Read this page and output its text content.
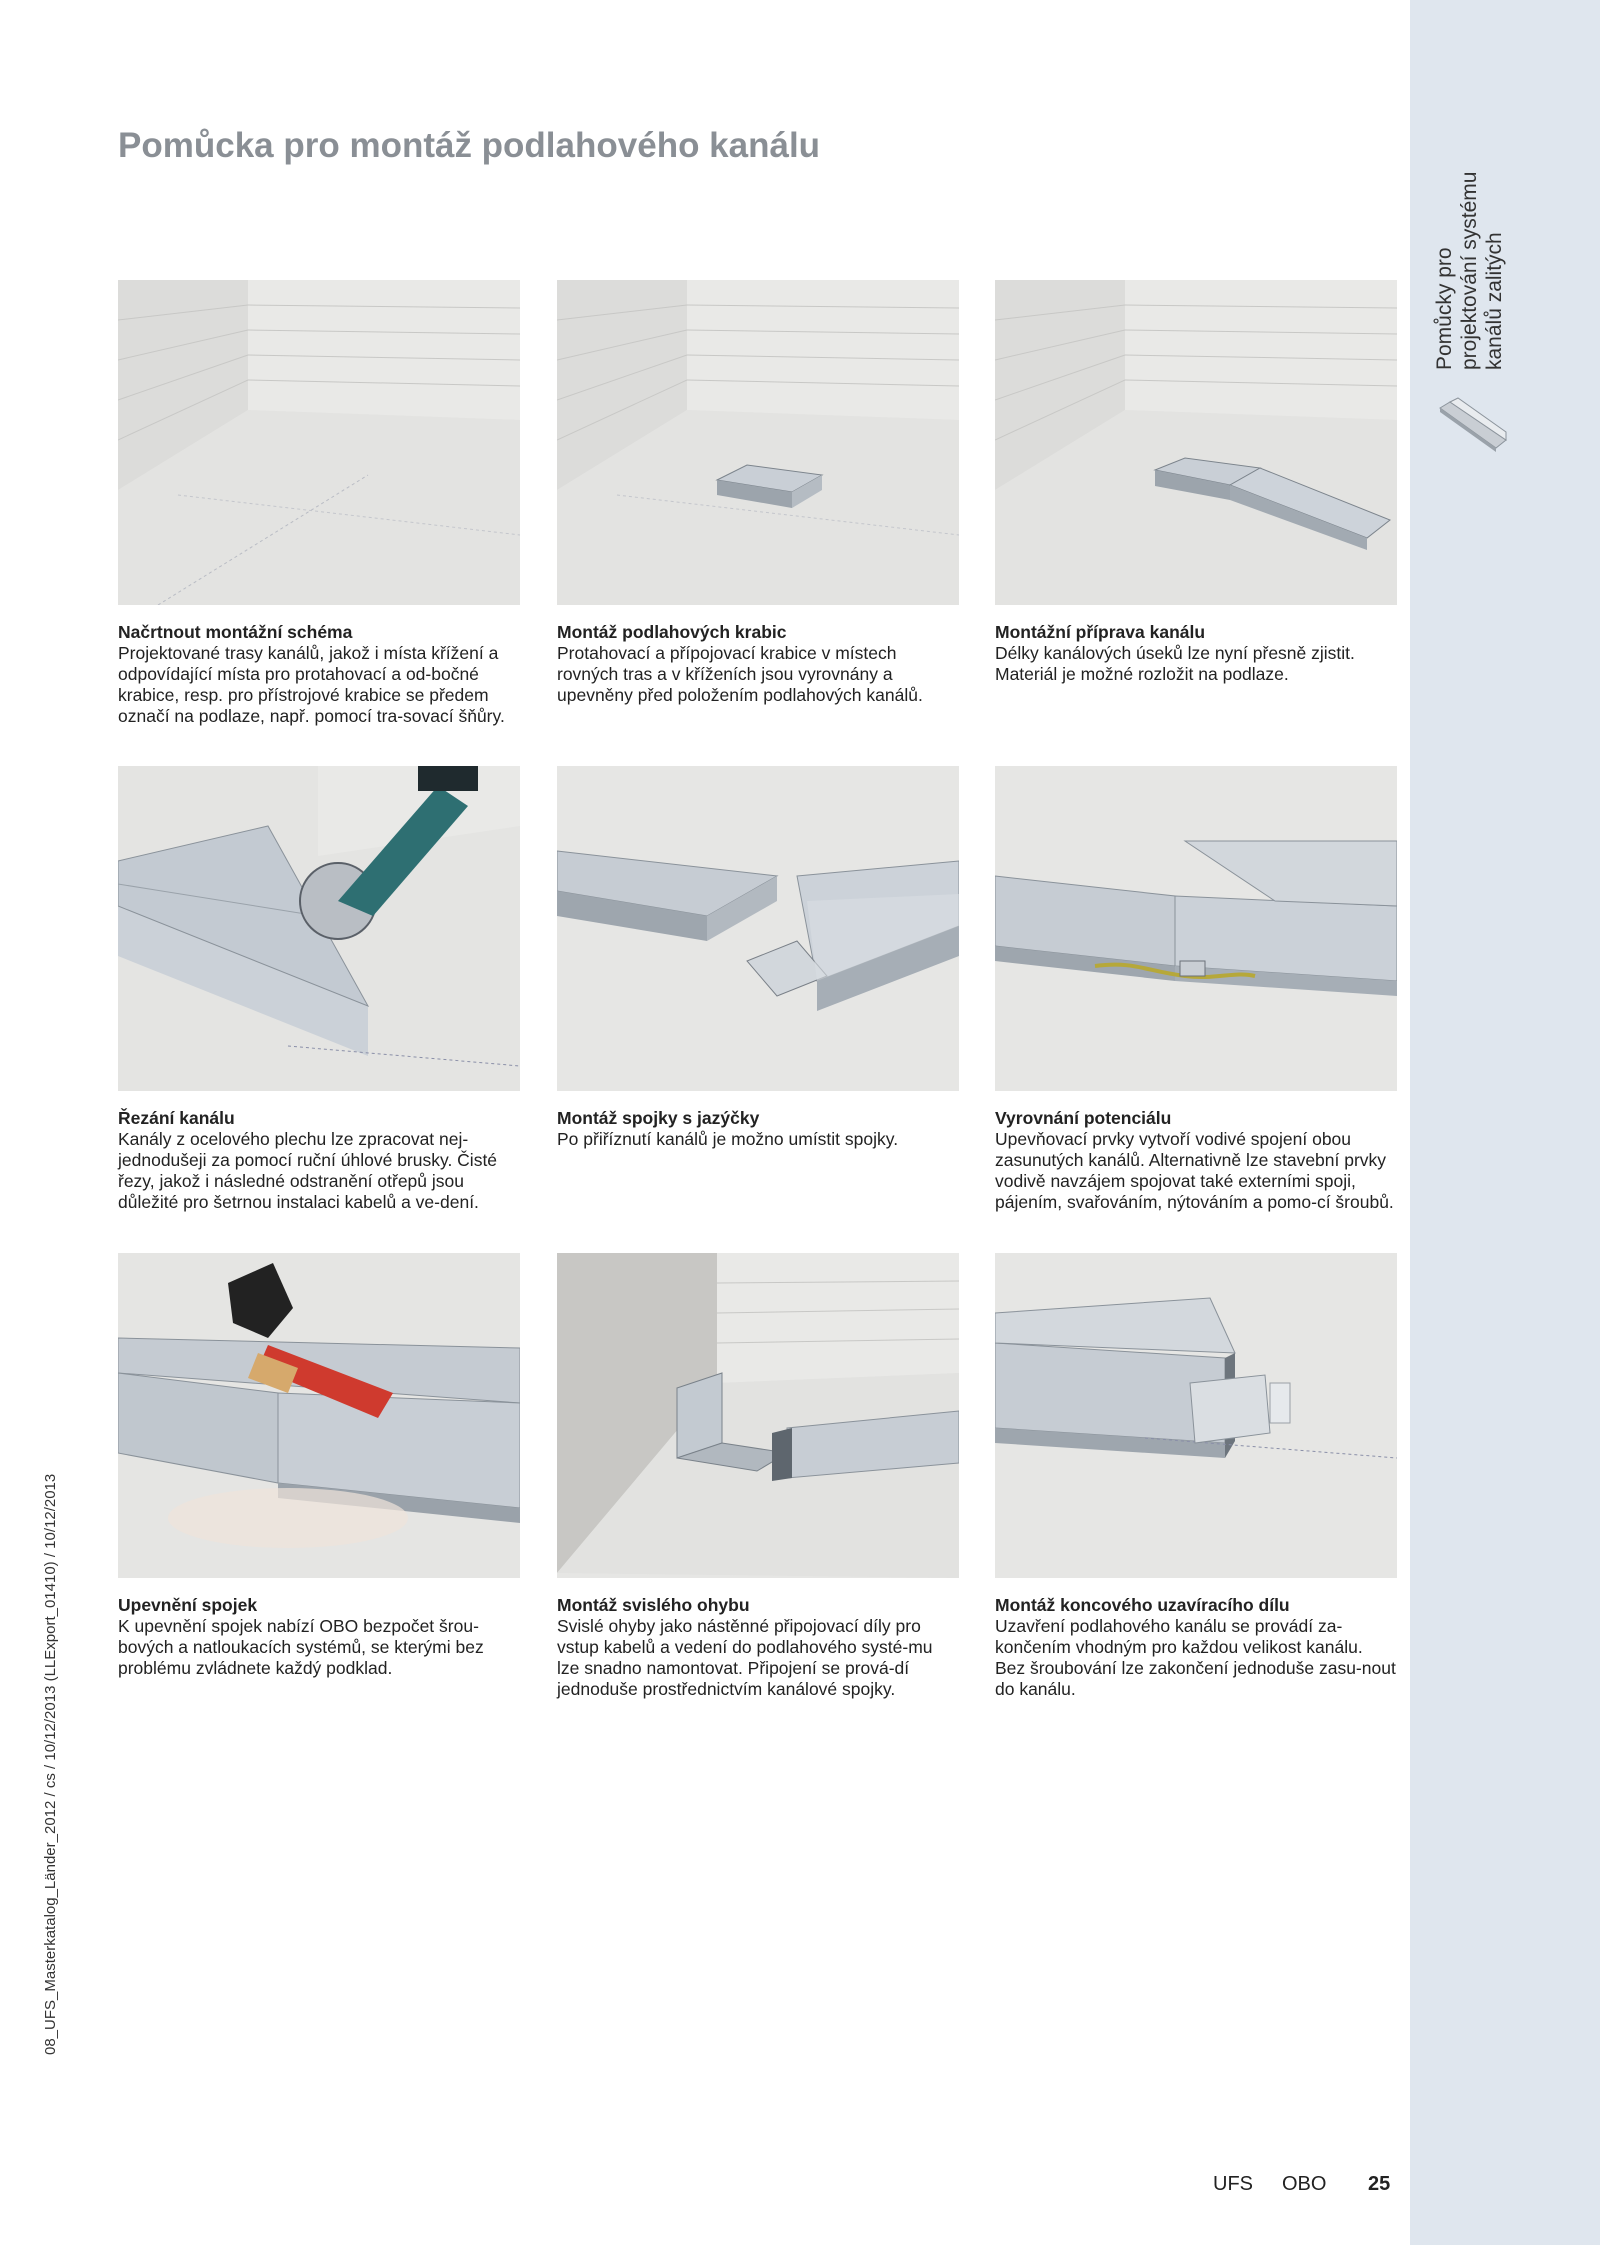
Pomůcky pro projektování systému kanálů zalitých
Pomůcka pro montáž podlahového kanálu
08_UFS_Masterkatalog_Länder_2012 / cs / 10/12/2013 (LLExport_01410) / 10/12/2013
Načrtnout montážní schéma
Projektované trasy kanálů, jakož i místa křížení a odpovídající místa pro protahovací a od-bočné krabice, resp. pro přístrojové krabice se předem označí na podlaze, např. pomocí tra-sovací šňůry.
Montáž podlahových krabic
Protahovací a přípojovací krabice v místech rovných tras a v kříženích jsou vyrovnány a upevněny před položením podlahových kanálů.
Montážní příprava kanálu
Délky kanálových úseků lze nyní přesně zjistit. Materiál je možné rozložit na podlaze.
Řezání kanálu
Kanály z ocelového plechu lze zpracovat nej-jednodušeji za pomocí ruční úhlové brusky. Čisté řezy, jakož i následné odstranění otřepů jsou důležité pro šetrnou instalaci kabelů a ve-dení.
Montáž spojky s jazýčky
Po přiříznutí kanálů je možno umístit spojky.
Vyrovnání potenciálu
Upevňovací prvky vytvoří vodivé spojení obou zasunutých kanálů. Alternativně lze stavební prvky vodivě navzájem spojovat také externími spoji, pájením, svařováním, nýtováním a pomo-cí šroubů.
Upevnění spojek
K upevnění spojek nabízí OBO bezpočet šrou-bových a natloukacích systémů, se kterými bez problému zvládnete každý podklad.
Montáž svislého ohybu
Svislé ohyby jako nástěnné připojovací díly pro vstup kabelů a vedení do podlahového systé-mu lze snadno namontovat. Připojení se prová-dí jednoduše prostřednictvím kanálové spojky.
Montáž koncového uzavíracího dílu
Uzavření podlahového kanálu se provádí za-končením vhodným pro každou velikost kanálu. Bez šroubování lze zakončení jednoduše zasu-nout do kanálu.
UFS OBO 25
